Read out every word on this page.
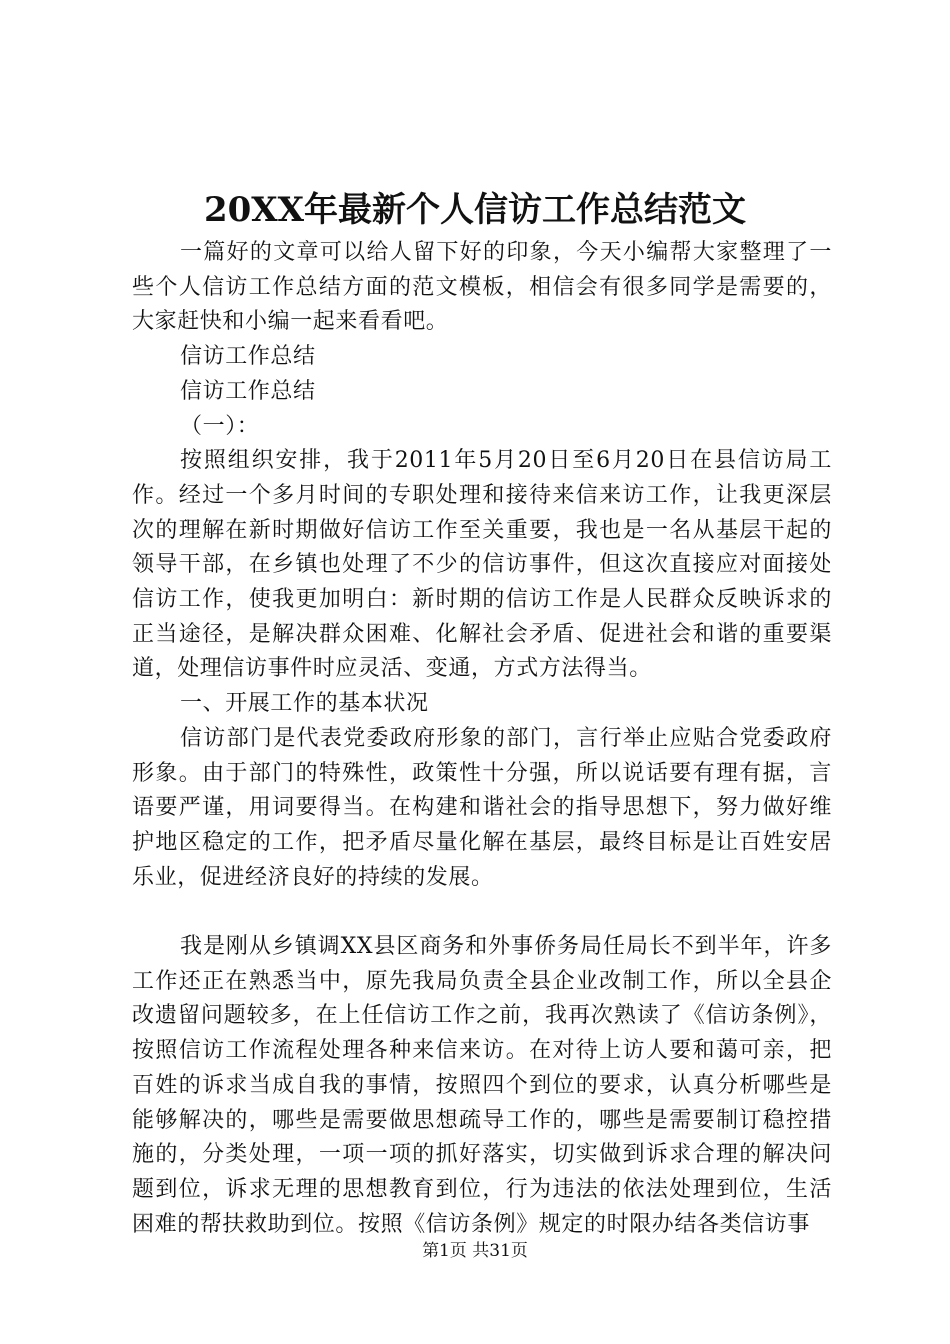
20XX年最新个人信访工作总结范文

一篇好的文章可以给人留下好的印象，今天小编帮大家整理了一些个人信访工作总结方面的范文模板，相信会有很多同学是需要的，大家赶快和小编一起来看看吧。

信访工作总结

信访工作总结

（一）：

按照组织安排，我于2011年5月20日至6月20日在县信访局工作。经过一个多月时间的专职处理和接待来信来访工作，让我更深层次的理解在新时期做好信访工作至关重要，我也是一名从基层干起的领导干部，在乡镇也处理了不少的信访事件，但这次直接应对面接处信访工作，使我更加明白：新时期的信访工作是人民群众反映诉求的正当途径，是解决群众困难、化解社会矛盾、促进社会和谐的重要渠道，处理信访事件时应灵活、变通，方式方法得当。

一、开展工作的基本状况

信访部门是代表党委政府形象的部门，言行举止应贴合党委政府形象。由于部门的特殊性，政策性十分强，所以说话要有理有据，言语要严谨，用词要得当。在构建和谐社会的指导思想下，努力做好维护地区稳定的工作，把矛盾尽量化解在基层，最终目标是让百姓安居乐业，促进经济良好的持续的发展。

我是刚从乡镇调XX县区商务和外事侨务局任局长不到半年，许多工作还正在熟悉当中，原先我局负责全县企业改制工作，所以全县企改遗留问题较多，在上任信访工作之前，我再次熟读了《信访条例》，按照信访工作流程处理各种来信来访。在对待上访人要和蔼可亲，把百姓的诉求当成自我的事情，按照四个到位的要求，认真分析哪些是能够解决的，哪些是需要做思想疏导工作的，哪些是需要制订稳控措施的，分类处理，一项一项的抓好落实，切实做到诉求合理的解决问题到位，诉求无理的思想教育到位，行为违法的依法处理到位，生活困难的帮扶救助到位。按照《信访条例》规定的时限办结各类信访事

第1页 共31页
